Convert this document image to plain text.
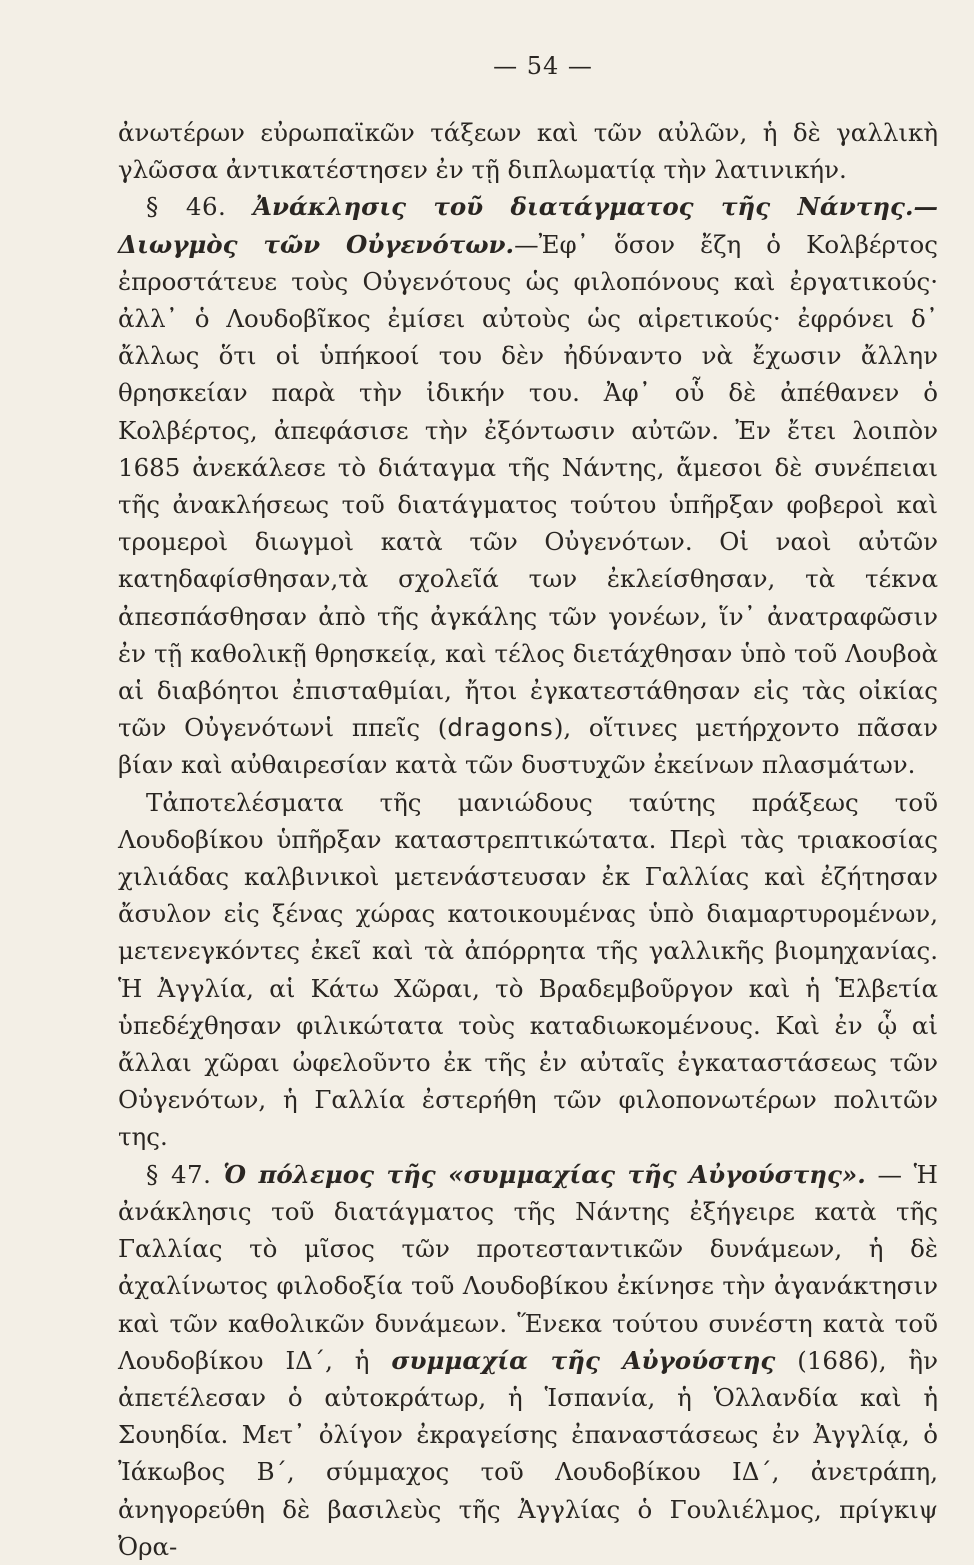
— 54 —

ἀνωτέρων εὐρωπαϊκῶν τάξεων καὶ τῶν αὐλῶν, ἡ δὲ γαλλικὴ γλῶσσα ἀντικατέστησεν ἐν τῇ διπλωματίᾳ τὴν λατινικήν.

§ 46. Ἀνάκλησις τοῦ διατάγματος τῆς Νάντης.—Διωγμὸς τῶν Οὐγενότων.—Ἐφ᾽ ὅσον ἔζη ὁ Κολβέρτος ἐπροστάτευε τοὺς Οὐγενότους ὡς φιλοπόνους καὶ ἐργατικούς· ἀλλ᾽ ὁ Λουδοβῖκος ἐμίσει αὐτοὺς ὡς αἱρετικούς· ἐφρόνει δ᾽ ἄλλως ὅτι οἱ ὑπήκοοί του δὲν ἠδύναντο νὰ ἔχωσιν ἄλλην θρησκείαν παρὰ τὴν ἰδικήν του. Ἀφ᾽ οὗ δὲ ἀπέθανεν ὁ Κολβέρτος, ἀπεφάσισε τὴν ἐξόντωσιν αὐτῶν. Ἐν ἔτει λοιπὸν 1685 ἀνεκάλεσε τὸ διάταγμα τῆς Νάντης, ἄμεσοι δὲ συνέπειαι τῆς ἀνακλήσεως τοῦ διατάγματος τούτου ὑπῆρξαν φοβεροὶ καὶ τρομεροὶ διωγμοὶ κατὰ τῶν Οὐγενότων. Οἱ ναοὶ αὐτῶν κατηδαφίσθησαν,τὰ σχολεῖά των ἐκλείσθησαν, τὰ τέκνα ἀπεσπάσθησαν ἀπὸ τῆς ἀγκάλης τῶν γονέων, ἵν᾽ ἀνατραφῶσιν ἐν τῇ καθολικῇ θρησκείᾳ, καὶ τέλος διετάχθησαν ὑπὸ τοῦ Λουβοὰ αἱ διαβόητοι ἐπισταθμίαι, ἤτοι ἐγκατεστάθησαν εἰς τὰς οἰκίας τῶν Οὐγενότωνἱ ππεῖς (dragons), οἵτινες μετήρχοντο πᾶσαν βίαν καὶ αὐθαιρεσίαν κατὰ τῶν δυστυχῶν ἐκείνων πλασμάτων.

Τἀποτελέσματα τῆς μανιώδους ταύτης πράξεως τοῦ Λουδοβίκου ὑπῆρξαν καταστρεπτικώτατα. Περὶ τὰς τριακοσίας χιλιάδας καλβινικοὶ μετενάστευσαν ἐκ Γαλλίας καὶ ἐζήτησαν ἄσυλον εἰς ξένας χώρας κατοικουμένας ὑπὸ διαμαρτυρομένων, μετενεγκόντες ἐκεῖ καὶ τὰ ἀπόρρητα τῆς γαλλικῆς βιομηχανίας. Ἡ Ἀγγλία, αἱ Κάτω Χῶραι, τὸ Βραδεμβοῦργον καὶ ἡ Ἑλβετία ὑπεδέχθησαν φιλικώτατα τοὺς καταδιωκομένους. Καὶ ἐν ᾧ αἱ ἄλλαι χῶραι ὠφελοῦντο ἐκ τῆς ἐν αὐταῖς ἐγκαταστάσεως τῶν Οὐγενότων, ἡ Γαλλία ἐστερήθη τῶν φιλοπονωτέρων πολιτῶν της.

§ 47. Ὁ πόλεμος τῆς «συμμαχίας τῆς Αὐγούστης». — Ἡ ἀνάκλησις τοῦ διατάγματος τῆς Νάντης ἐξήγειρε κατὰ τῆς Γαλλίας τὸ μῖσος τῶν προτεσταντικῶν δυνάμεων, ἡ δὲ ἀχαλίνωτος φιλοδοξία τοῦ Λουδοβίκου ἐκίνησε τὴν ἀγανάκτησιν καὶ τῶν καθολικῶν δυνάμεων. Ἕνεκα τούτου συνέστη κατὰ τοῦ Λουδοβίκου ΙΔ΄, ἡ συμμαχία τῆς Αὐγούστης (1686), ἣν ἀπετέλεσαν ὁ αὐτοκράτωρ, ἡ Ἱσπανία, ἡ Ὁλλανδία καὶ ἡ Σουηδία. Μετ᾽ ὀλίγον ἐκραγείσης ἐπαναστάσεως ἐν Ἀγγλίᾳ, ὁ Ἰάκωβος Β΄, σύμμαχος τοῦ Λουδοβίκου ΙΔ΄, ἀνετράπη, ἀνηγορεύθη δὲ βασιλεὺς τῆς Ἀγγλίας ὁ Γουλιέλμος, πρίγκιψ Ὀρα-
